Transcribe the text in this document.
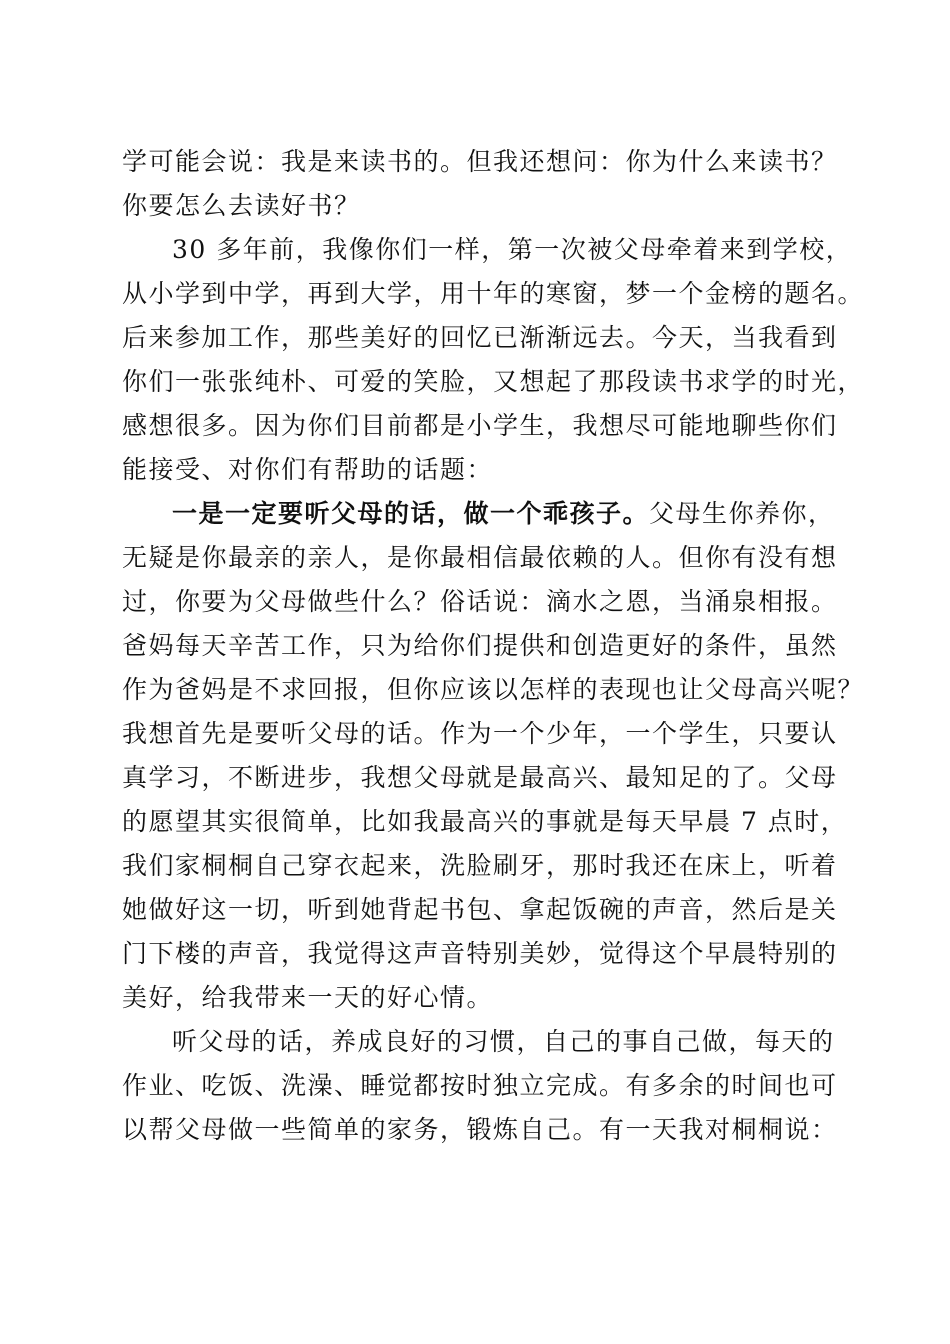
学可能会说：我是来读书的。但我还想问：你为什么来读书？
你要怎么去读好书？

30 多年前，我像你们一样，第一次被父母牵着来到学校，
从小学到中学，再到大学，用十年的寒窗，梦一个金榜的题名。
后来参加工作，那些美好的回忆已渐渐远去。今天，当我看到
你们一张张纯朴、可爱的笑脸，又想起了那段读书求学的时光，
感想很多。因为你们目前都是小学生，我想尽可能地聊些你们
能接受、对你们有帮助的话题：

一是一定要听父母的话，做一个乖孩子。父母生你养你，
无疑是你最亲的亲人，是你最相信最依赖的人。但你有没有想
过，你要为父母做些什么？俗话说：滴水之恩，当涌泉相报。
爸妈每天辛苦工作，只为给你们提供和创造更好的条件，虽然
作为爸妈是不求回报，但你应该以怎样的表现也让父母高兴呢？
我想首先是要听父母的话。作为一个少年，一个学生，只要认
真学习，不断进步，我想父母就是最高兴、最知足的了。父母
的愿望其实很简单，比如我最高兴的事就是每天早晨 7 点时，
我们家桐桐自己穿衣起来，洗脸刷牙，那时我还在床上，听着
她做好这一切，听到她背起书包、拿起饭碗的声音，然后是关
门下楼的声音，我觉得这声音特别美妙，觉得这个早晨特别的
美好，给我带来一天的好心情。

听父母的话，养成良好的习惯，自己的事自己做，每天的
作业、吃饭、洗澡、睡觉都按时独立完成。有多余的时间也可
以帮父母做一些简单的家务，锻炼自己。有一天我对桐桐说：
